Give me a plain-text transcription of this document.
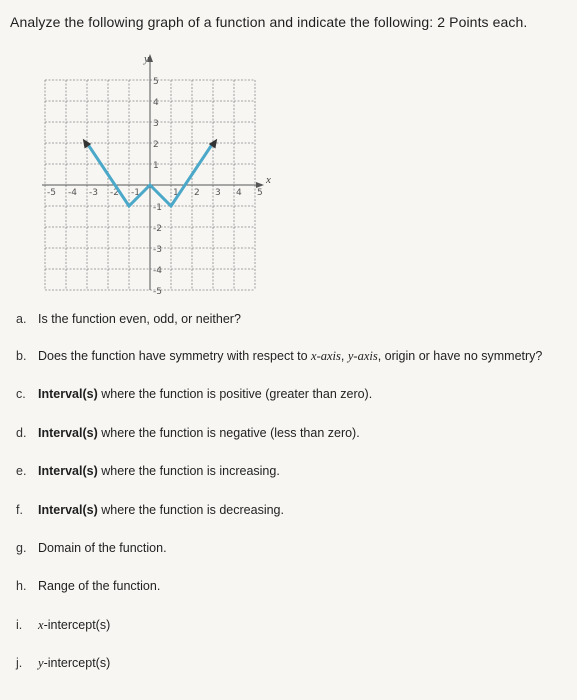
Analyze the following graph of a function and indicate the following: 2 Points each.
x
y
-5 -4 -3 -2 -1	1 2 3 4 5
5
4
3
2
1
-1
-2
-3
-4
-5
a. Is the function even, odd, or neither?
b. Does the function have symmetry with respect to x-axis, y-axis, origin or have no symmetry?
c. Interval(s) where the function is positive (greater than zero).
d. Interval(s) where the function is negative (less than zero).
e. Interval(s) where the function is increasing.
f.	Interval(s) where the function is decreasing.
g. Domain of the function.
h. Range of the function.
i.	x-intercept(s)
j.	y-intercept(s)
